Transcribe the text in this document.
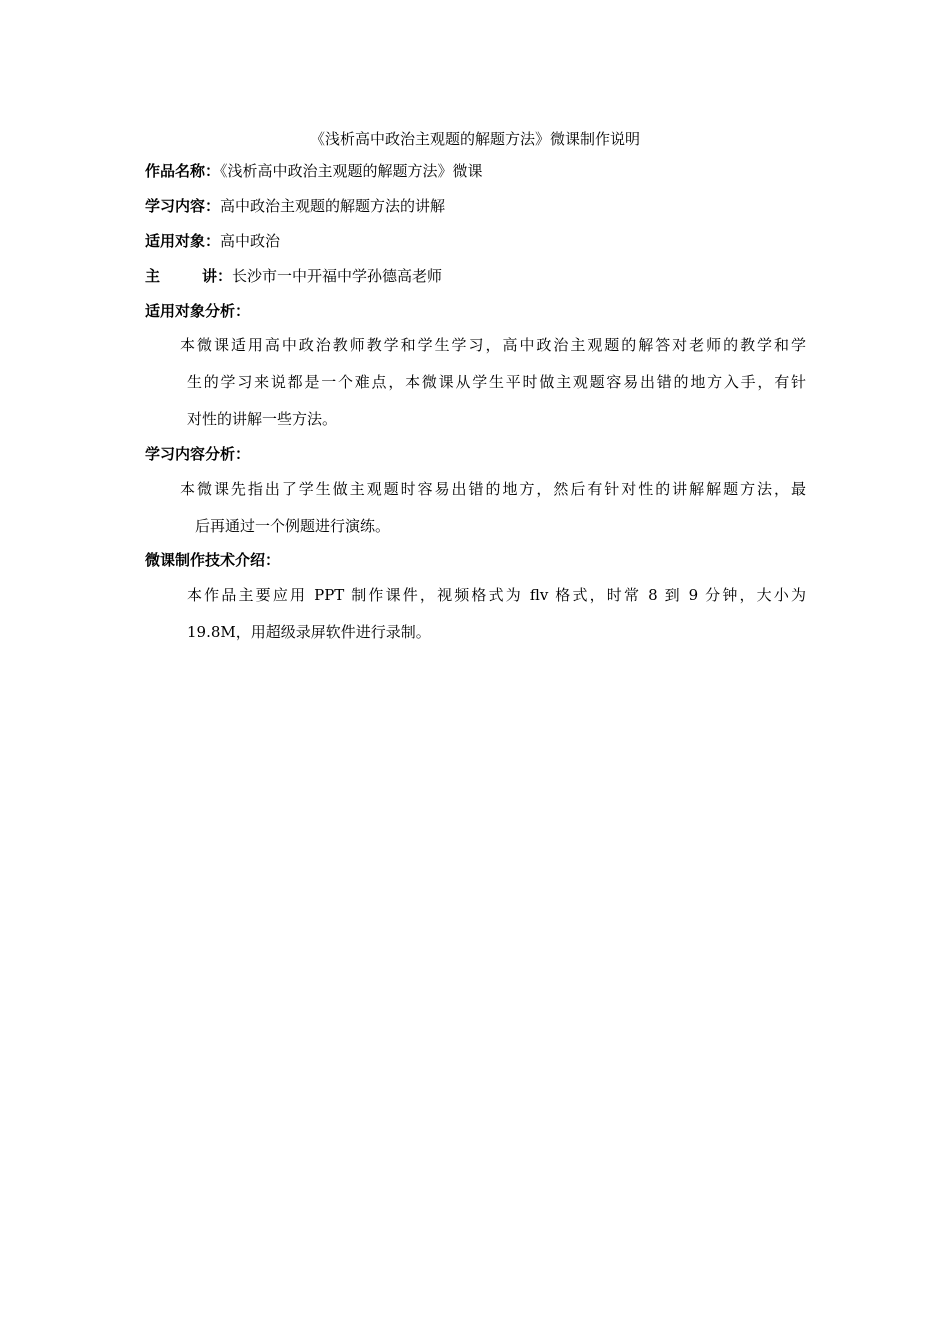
《浅析高中政治主观题的解题方法》微课制作说明
作品名称：《浅析高中政治主观题的解题方法》微课
学习内容：高中政治主观题的解题方法的讲解
适用对象：高中政治
主	讲：长沙市一中开福中学孙德高老师
适用对象分析：
本微课适用高中政治教师教学和学生学习，高中政治主观题的解答对老师的教学和学
生的学习来说都是一个难点，本微课从学生平时做主观题容易出错的地方入手，有针
对性的讲解一些方法。
学习内容分析：
本微课先指出了学生做主观题时容易出错的地方，然后有针对性的讲解解题方法，最
后再通过一个例题进行演练。
微课制作技术介绍：
本作品主要应用 PPT 制作课件，视频格式为 flv 格式，时常 8 到 9 分钟，大小为
19.8M，用超级录屏软件进行录制。
